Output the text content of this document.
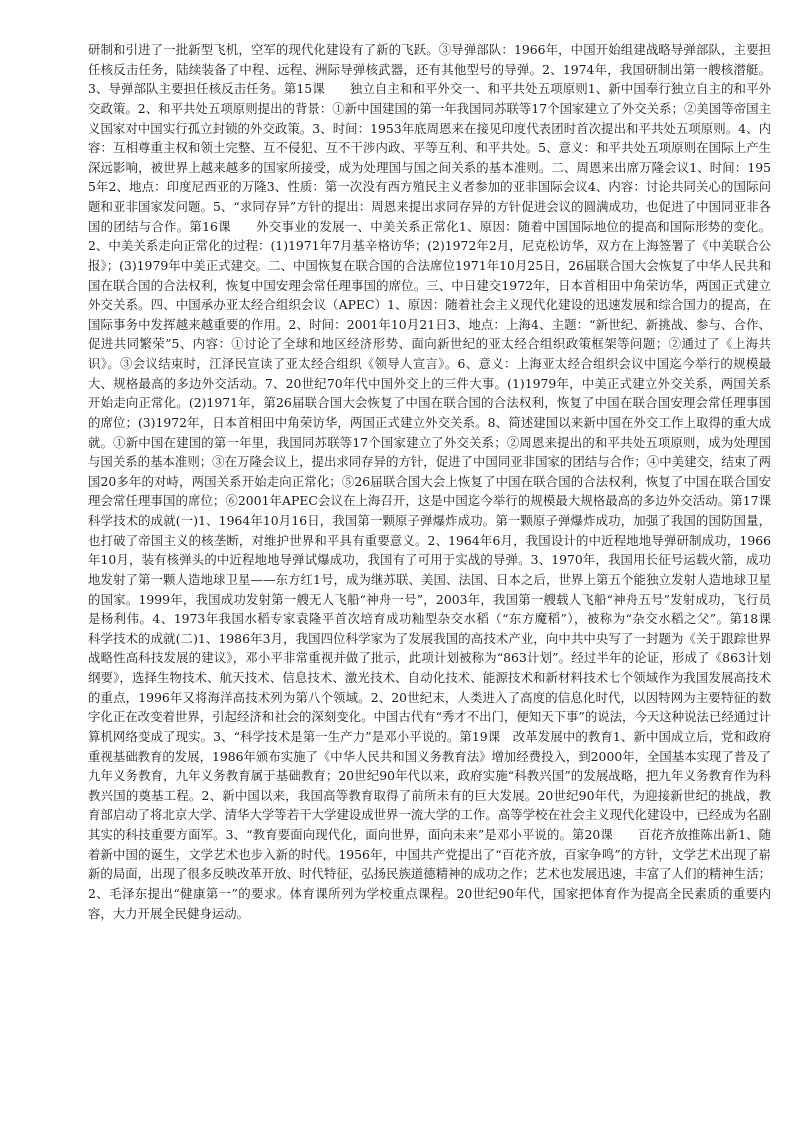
研制和引进了一批新型飞机，空军的现代化建设有了新的飞跃。③导弹部队：1966年，中国开始组建战略导弹部队，主要担任核反击任务，陆续装备了中程、远程、洲际导弹核武器，还有其他型号的导弹。2、1974年，我国研制出第一艘核潜艇。3、导弹部队主要担任核反击任务。第15课　　独立自主和和平外交一、和平共处五项原则1、新中国奉行独立自主的和平外交政策。2、和平共处五项原则提出的背景：①新中国建国的第一年我国同苏联等17个国家建立了外交关系；②美国等帝国主义国家对中国实行孤立封锁的外交政策。3、时间：1953年底周恩来在接见印度代表团时首次提出和平共处五项原则。4、内容：互相尊重主权和领土完整、互不侵犯、互不干涉内政、平等互利、和平共处。5、意义：和平共处五项原则在国际上产生深远影响，被世界上越来越多的国家所接受，成为处理国与国之间关系的基本准则。二、周恩来出席万隆会议1、时间：1955年2、地点：印度尼西亚的万隆3、性质：第一次没有西方殖民主义者参加的亚非国际会议4、内容：讨论共同关心的国际问题和亚非国家发问题。5、“求同存异”方针的提出：周恩来提出求同存异的方针促进会议的圆满成功，也促进了中国同亚非各国的团结与合作。第16课　　外交事业的发展一、中美关系正常化1、原因：随着中国国际地位的提高和国际形势的变化。2、中美关系走向正常化的过程：(1)1971年7月基辛格访华；(2)1972年2月，尼克松访华，双方在上海签署了《中美联合公报》；(3)1979年中美正式建交。二、中国恢复在联合国的合法席位1971年10月25日，26届联合国大会恢复了中华人民共和国在联合国的合法权利，恢复中国安理会常任理事国的席位。三、中日建交1972年，日本首相田中角荣访华，两国正式建立外交关系。四、中国承办亚太经合组织会议（APEC）1、原因：随着社会主义现代化建设的迅速发展和综合国力的提高，在国际事务中发挥越来越重要的作用。2、时间：2001年10月21日3、地点：上海4、主题：“新世纪、新挑战、参与、合作、促进共同繁荣”5、内容：①讨论了全球和地区经济形势、面向新世纪的亚太经合组织政策框架等问题；②通过了《上海共识》。③会议结束时，江泽民宣读了亚太经合组织《领导人宣言》。6、意义：上海亚太经合组织会议中国迄今举行的规模最大、规格最高的多边外交活动。7、20世纪70年代中国外交上的三件大事。(1)1979年，中美正式建立外交关系，两国关系开始走向正常化。(2)1971年，第26届联合国大会恢复了中国在联合国的合法权利，恢复了中国在联合国安理会常任理事国的席位；(3)1972年，日本首相田中角荣访华，两国正式建立外交关系。8、简述建国以来新中国在外交工作上取得的重大成就。①新中国在建国的第一年里，我国同苏联等17个国家建立了外交关系；②周恩来提出的和平共处五项原则，成为处理国与国关系的基本准则；③在万隆会议上，提出求同存异的方针，促进了中国同亚非国家的团结与合作；④中美建交，结束了两国20多年的对峙，两国关系开始走向正常化；⑤26届联合国大会上恢复了中国在联合国的合法权利，恢复了中国在联合国安理会常任理事国的席位；⑥2001年APEC会议在上海召开，这是中国迄今举行的规模最大规格最高的多边外交活动。第17课　　科学技术的成就(一)1、1964年10月16日，我国第一颗原子弹爆炸成功。第一颗原子弹爆炸成功，加强了我国的国防国量，也打破了帝国主义的核垄断，对维护世界和平具有重要意义。2、1964年6月，我国设计的中近程地地导弹研制成功，1966年10月，装有核弹头的中近程地地导弹试爆成功，我国有了可用于实战的导弹。3、1970年，我国用长征号运载火箭，成功地发射了第一颗人造地球卫星——东方红1号，成为继苏联、美国、法国、日本之后，世界上第五个能独立发射人造地球卫星的国家。1999年，我国成功发射第一艘无人飞船“神舟一号”，2003年，我国第一艘载人飞船“神舟五号”发射成功，飞行员是杨利伟。4、1973年我国水稻专家袁隆平首次培育成功籼型杂交水稻（“东方魔稻”），被称为“杂交水稻之父”。第18课　　科学技术的成就(二)1、1986年3月，我国四位科学家为了发展我国的高技术产业，向中共中央写了一封题为《关于跟踪世界战略性高科技发展的建议》，邓小平非常重视并做了批示，此项计划被称为“863计划”。经过半年的论证，形成了《863计划纲要》，选择生物技术、航天技术、信息技术、激光技术、自动化技术、能源技术和新材料技术七个领域作为我国发展高技术的重点，1996年又将海洋高技术列为第八个领域。2、20世纪末，人类进入了高度的信息化时代，以因特网为主要特征的数字化正在改变着世界，引起经济和社会的深刻变化。中国古代有“秀才不出门，便知天下事”的说法，今天这种说法已经通过计算机网络变成了现实。3、“科学技术是第一生产力”是邓小平说的。第19课　改革发展中的教育1、新中国成立后，党和政府重视基础教育的发展，1986年颁布实施了《中华人民共和国义务教育法》增加经费投入，到2000年，全国基本实现了普及了九年义务教育，九年义务教育属于基础教育；20世纪90年代以来，政府实施“科教兴国”的发展战略，把九年义务教育作为科教兴国的奠基工程。2、新中国以来，我国高等教育取得了前所未有的巨大发展。20世纪90年代，为迎接新世纪的挑战，教育部启动了将北京大学、清华大学等若干大学建设成世界一流大学的工作。高等学校在社会主义现代化建设中，已经成为名副其实的科技重要方面军。3、“教育要面向现代化，面向世界，面向未来”是邓小平说的。第20课　　百花齐放推陈出新1、随着新中国的诞生，文学艺术也步入新的时代。1956年，中国共产党提出了“百花齐放，百家争鸣”的方针，文学艺术出现了崭新的局面，出现了很多反映改革开放、时代特征，弘扬民族道德精神的成功之作；艺术也发展迅速，丰富了人们的精神生活；2、毛泽东提出“健康第一”的要求。体育课所列为学校重点课程。20世纪90年代，国家把体育作为提高全民素质的重要内容，大力开展全民健身运动。
